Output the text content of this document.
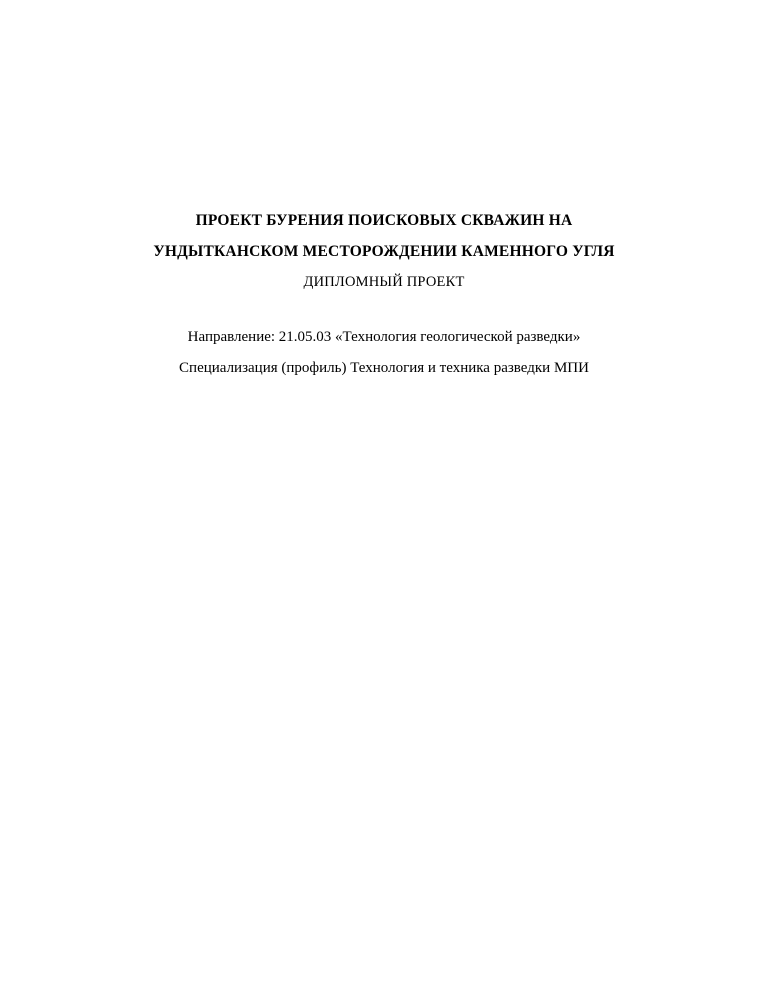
ПРОЕКТ БУРЕНИЯ ПОИСКОВЫХ СКВАЖИН НА
УНДЫТКАНСКОМ МЕСТОРОЖДЕНИИ КАМЕННОГО УГЛЯ

ДИПЛОМНЫЙ ПРОЕКТ

Направление: 21.05.03 «Технология геологической разведки»

Специализация (профиль) Технология и техника разведки МПИ
